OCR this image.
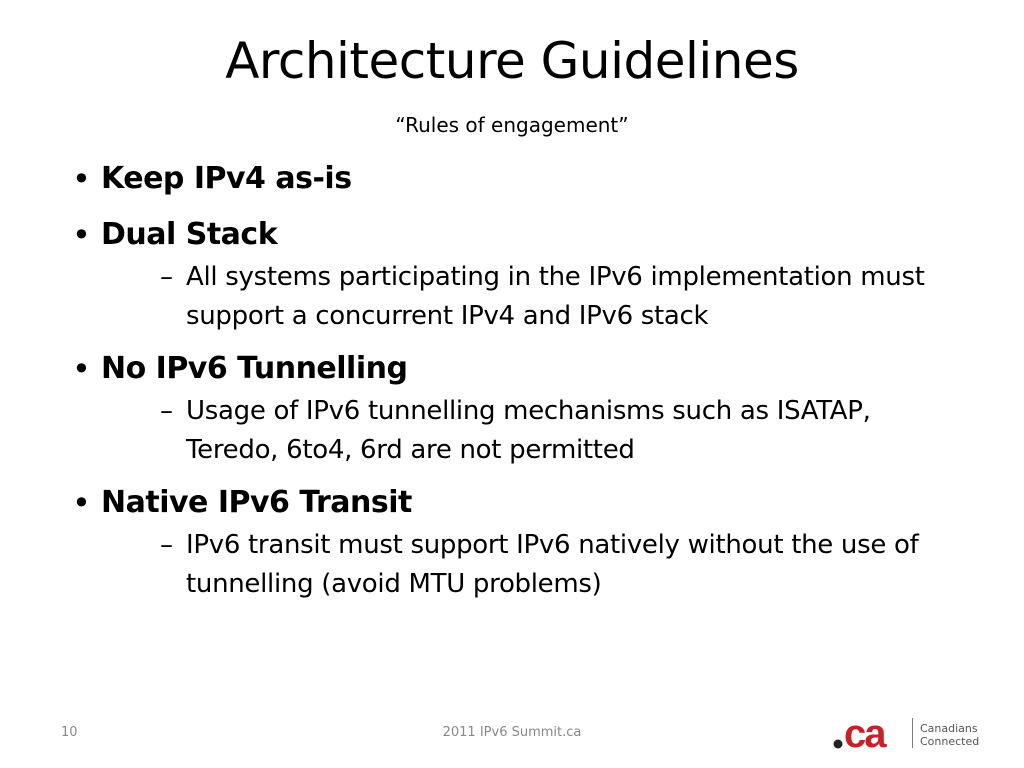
Architecture Guidelines
“Rules of engagement”
• Keep IPv4 as-is
• Dual Stack
– All systems participating in the IPv6 implementation must support a concurrent IPv4 and IPv6 stack
• No IPv6 Tunnelling
– Usage of IPv6 tunnelling mechanisms such as ISATAP, Teredo, 6to4, 6rd are not permitted
• Native IPv6 Transit
– IPv6 transit must support IPv6 natively without the use of tunnelling (avoid MTU problems)
10	2011 IPv6 Summit.ca	ca	Canadians
Connected
